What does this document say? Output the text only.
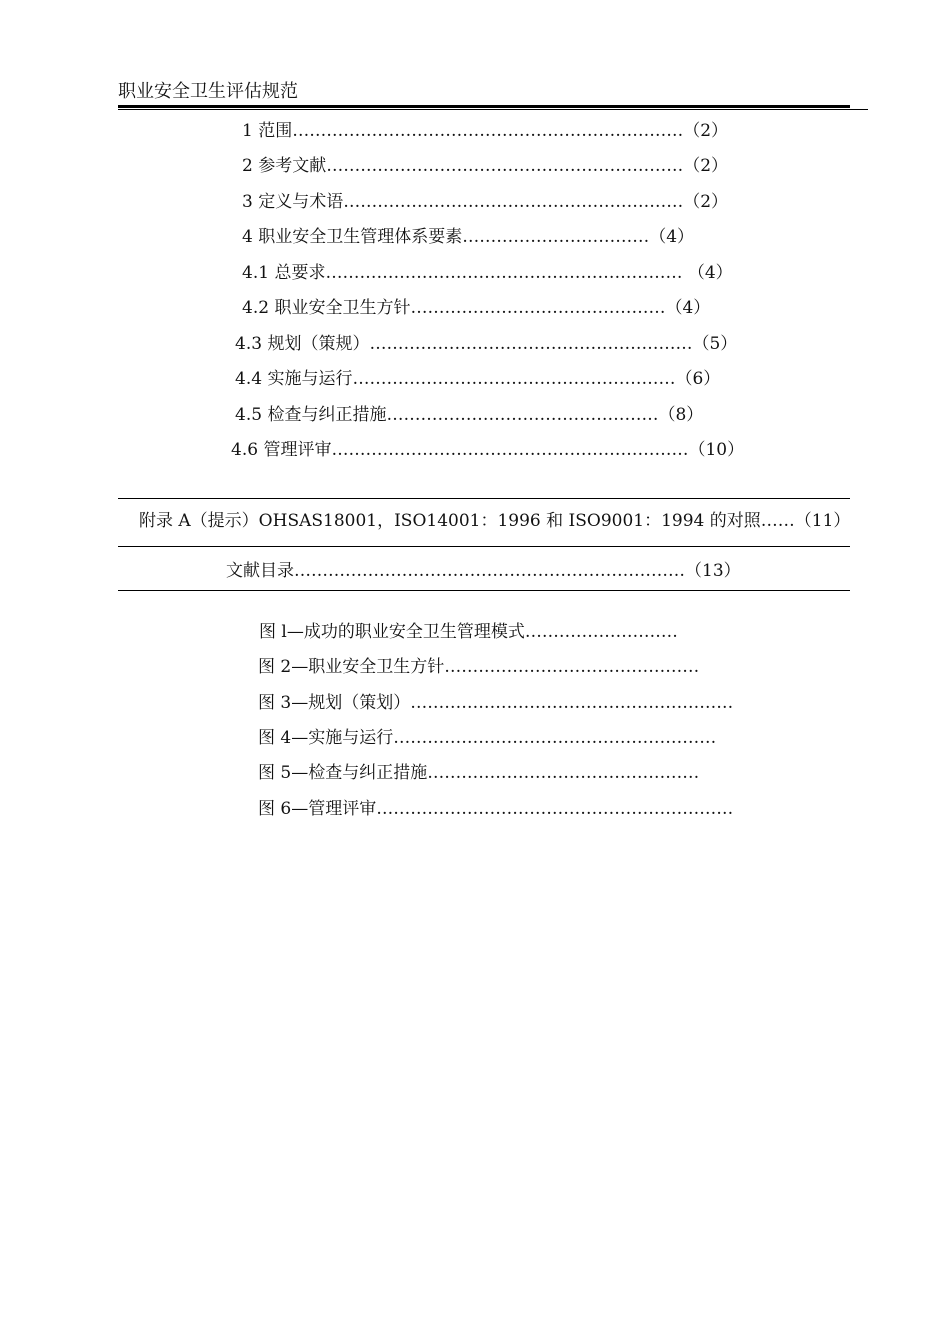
职业安全卫生评估规范
1 范围……………………………………………………………（2）
2 参考文献………………………………………………………（2）
3 定义与术语……………………………………………………（2）
4 职业安全卫生管理体系要素……………………………（4）
4.1 总要求……………………………………………………… （4）
4.2 职业安全卫生方针………………………………………（4）
4.3 规划（策规）…………………………………………………（5）
4.4 实施与运行…………………………………………………（6）
4.5 检查与纠正措施…………………………………………（8）
4.6 管理评审………………………………………………………（10）
附录 A（提示）OHSAS18001，ISO14001：1996 和 ISO9001：1994 的对照……（11）
文献目录……………………………………………………………（13）
图 l—成功的职业安全卫生管理模式………………………
图 2—职业安全卫生方针………………………………………
图 3—规划（策划）…………………………………………………
图 4—实施与运行…………………………………………………
图 5—检查与纠正措施…………………………………………
图 6—管理评审………………………………………………………
